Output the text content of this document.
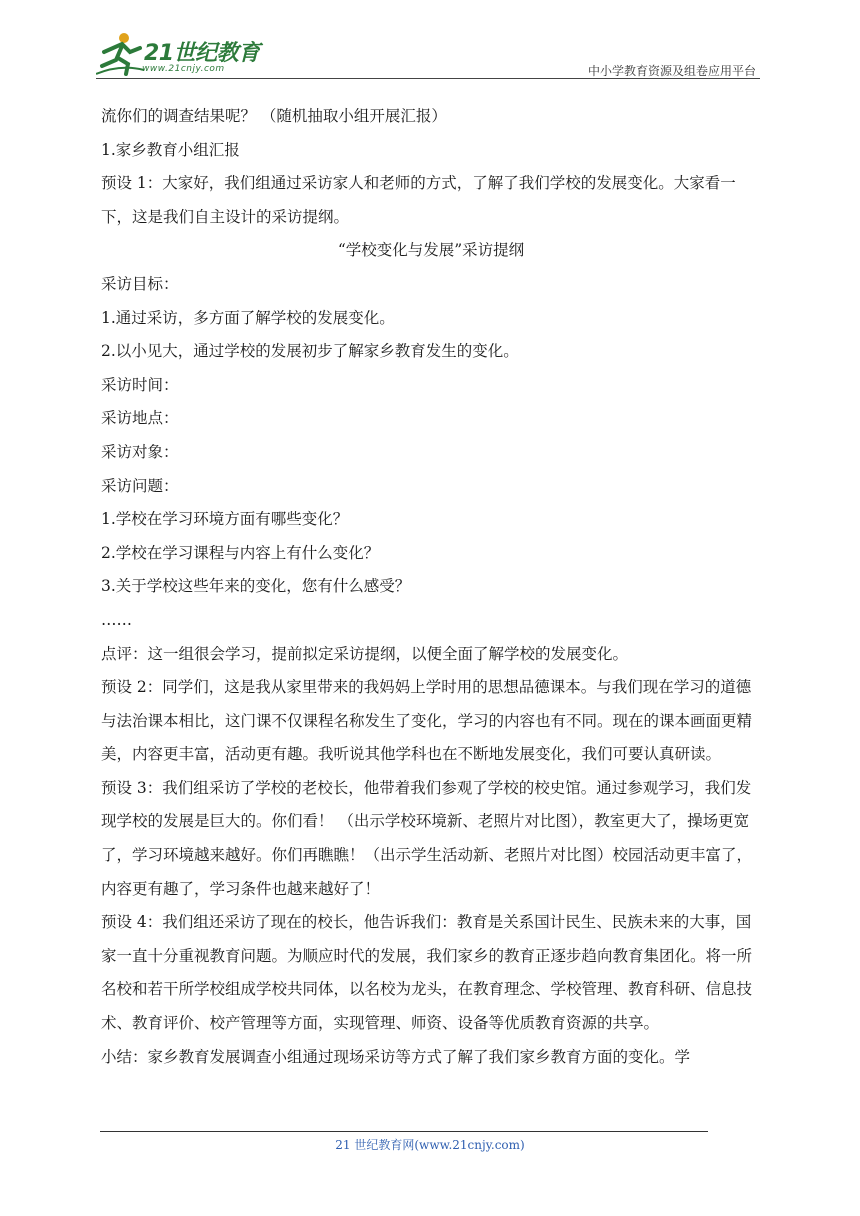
21世纪教育
www.21cnjy.com	中小学教育资源及组卷应用平台

流你们的调查结果呢？ （随机抽取小组开展汇报）

1.家乡教育小组汇报

预设 1：大家好，我们组通过采访家人和老师的方式，了解了我们学校的发展变化。大家看一下，这是我们自主设计的采访提纲。

“学校变化与发展”采访提纲

采访目标：

1.通过采访，多方面了解学校的发展变化。

2.以小见大，通过学校的发展初步了解家乡教育发生的变化。

采访时间：

采访地点：

采访对象：

采访问题：

1.学校在学习环境方面有哪些变化？

2.学校在学习课程与内容上有什么变化？

3.关于学校这些年来的变化，您有什么感受？

……

点评：这一组很会学习，提前拟定采访提纲，以便全面了解学校的发展变化。

预设 2：同学们，这是我从家里带来的我妈妈上学时用的思想品德课本。与我们现在学习的道德与法治课本相比，这门课不仅课程名称发生了变化，学习的内容也有不同。现在的课本画面更精美，内容更丰富，活动更有趣。我听说其他学科也在不断地发展变化，我们可要认真研读。

预设 3：我们组采访了学校的老校长，他带着我们参观了学校的校史馆。通过参观学习，我们发现学校的发展是巨大的。你们看！ （出示学校环境新、老照片对比图），教室更大了，操场更宽了，学习环境越来越好。你们再瞧瞧！（出示学生活动新、老照片对比图）校园活动更丰富了，内容更有趣了，学习条件也越来越好了！

预设 4：我们组还采访了现在的校长，他告诉我们：教育是关系国计民生、民族未来的大事，国家一直十分重视教育问题。为顺应时代的发展，我们家乡的教育正逐步趋向教育集团化。将一所名校和若干所学校组成学校共同体，以名校为龙头，在教育理念、学校管理、教育科研、信息技术、教育评价、校产管理等方面，实现管理、师资、设备等优质教育资源的共享。

小结：家乡教育发展调查小组通过现场采访等方式了解了我们家乡教育方面的变化。学

21 世纪教育网(www.21cnjy.com)
